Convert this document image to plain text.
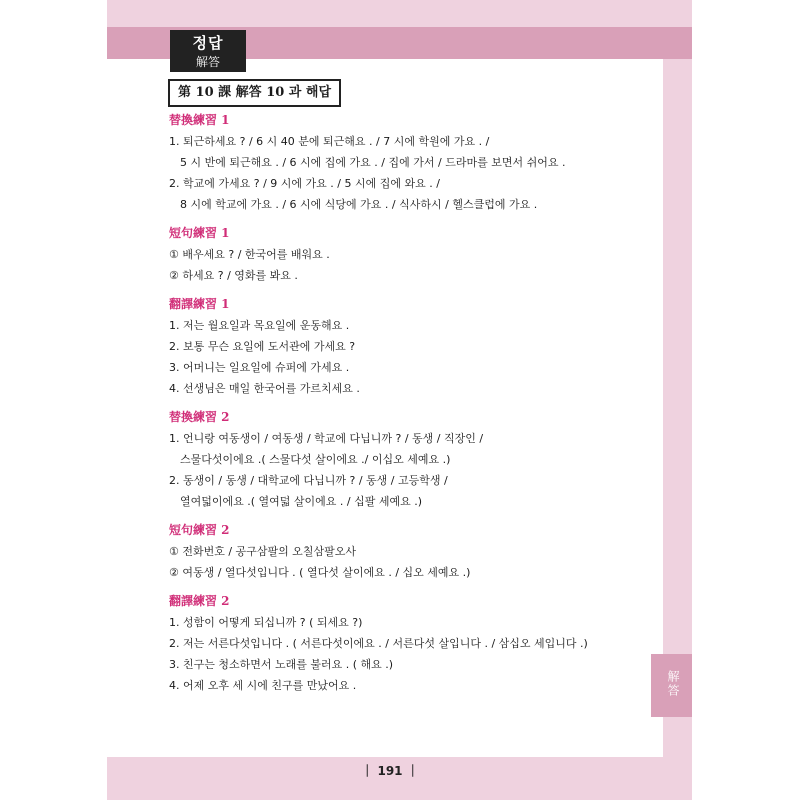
정답
解答
第 10 課 解答 10 과 해답
替換練習 1
1. 퇴근하세요 ? / 6 시 40 분에 퇴근해요 . / 7 시에 학원에 가요 . /
5 시 반에 퇴근해요 . / 6 시에 집에 가요 . / 집에 가서 / 드라마를 보면서 쉬어요 .
2. 학교에 가세요 ? / 9 시에 가요 . / 5 시에 집에 와요 . /
8 시에 학교에 가요 . / 6 시에 식당에 가요 . / 식사하시 / 헬스클럽에 가요 .
短句練習 1
① 배우세요 ? / 한국어를 배워요 .
② 하세요 ? / 영화를 봐요 .
翻譯練習 1
1. 저는 월요일과 목요일에 운동해요 .
2. 보통 무슨 요일에 도서관에 가세요 ?
3. 어머니는 일요일에 슈퍼에 가세요 .
4. 선생님은 매일 한국어를 가르치세요 .
替換練習 2
1. 언니랑 여동생이 / 여동생 / 학교에 다닙니까 ? / 동생 / 직장인 /
스물다섯이에요 .( 스물다섯 살이에요 ./ 이십오 세예요 .)
2. 동생이 / 동생 / 대학교에 다닙니까 ? / 동생 / 고등학생 /
열여덟이에요 .( 열여덟 살이에요 . / 십팔 세예요 .)
短句練習 2
① 전화번호 / 공구삼팔의 오칠삼팔오사
② 여동생 / 열다섯입니다 . ( 열다섯 살이에요 . / 십오 세예요 .)
翻譯練習 2
1. 성함이 어떻게 되십니까 ? ( 되세요 ?)
2. 저는 서른다섯입니다 . ( 서른다섯이에요 . / 서른다섯 살입니다 . / 삼십오 세입니다 .)
3. 친구는 청소하면서 노래를 불러요 . ( 해요 .)
4. 어제 오후 세 시에 친구를 만났어요 .	解答
｜ 191 ｜
